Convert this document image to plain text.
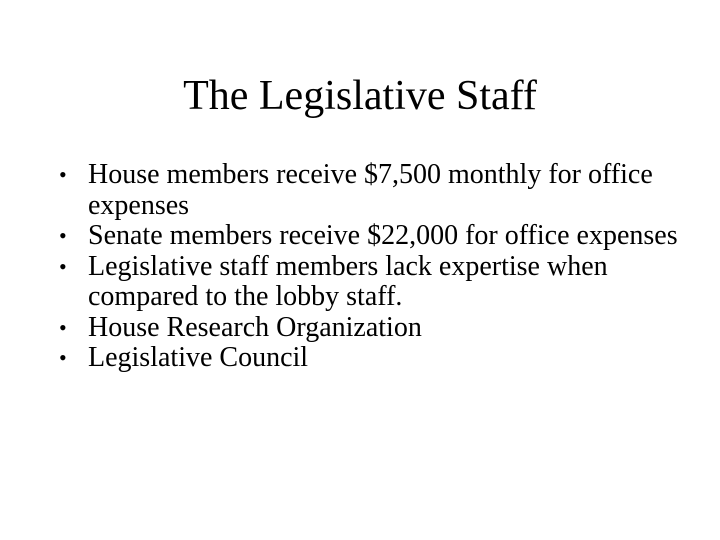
The Legislative Staff
• House members receive $7,500 monthly for office expenses
• Senate members receive $22,000 for office expenses
• Legislative staff members lack expertise when compared to the lobby staff.
• House Research Organization
• Legislative Council
